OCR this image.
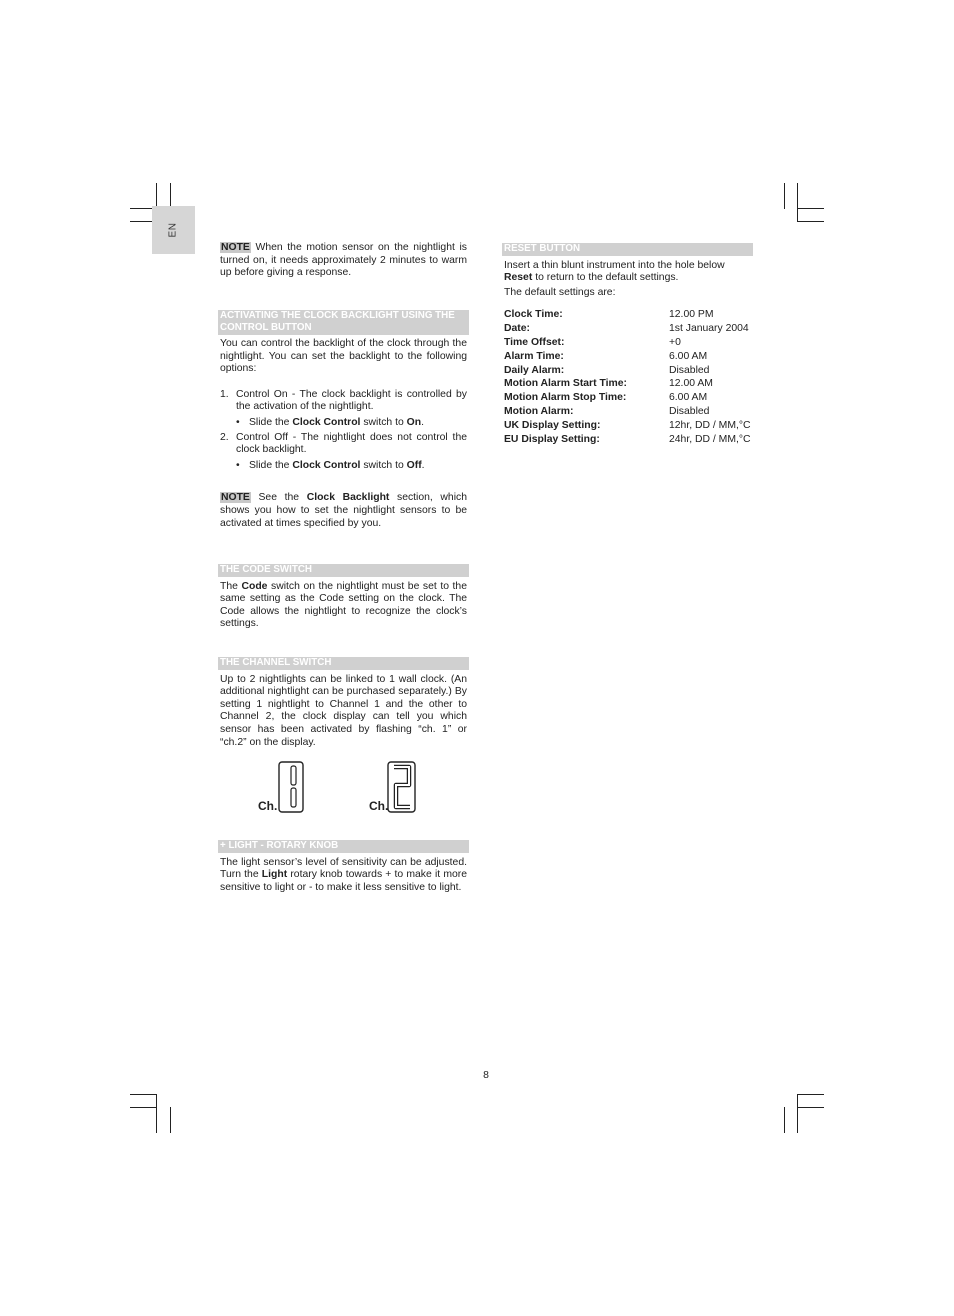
EN

NOTE When the motion sensor on the nightlight is turned on, it needs approximately 2 minutes to warm up before giving a response.

ACTIVATING THE CLOCK BACKLIGHT USING THE CONTROL BUTTON

You can control the backlight of the clock through the nightlight. You can set the backlight to the following options:

1. Control On - The clock backlight is controlled by the activation of the nightlight.
• Slide the Clock Control switch to On.
2. Control Off - The nightlight does not control the clock backlight.
• Slide the Clock Control switch to Off.

NOTE See the Clock Backlight section, which shows you how to set the nightlight sensors to be activated at times specified by you.

THE CODE SWITCH

The Code switch on the nightlight must be set to the same setting as the Code setting on the clock. The Code allows the nightlight to recognize the clock’s settings.

THE CHANNEL SWITCH

Up to 2 nightlights can be linked to 1 wall clock. (An additional nightlight can be purchased separately.) By setting 1 nightlight to Channel 1 and the other to Channel 2, the clock display can tell you which sensor has been activated by flashing “ch. 1” or “ch.2” on the display.

Ch.	Ch.
+ LIGHT - ROTARY KNOB

The light sensor’s level of sensitivity can be adjusted. Turn the Light rotary knob towards + to make it more sensitive to light or - to make it less sensitive to light.

RESET BUTTON

Insert a thin blunt instrument into the hole below Reset to return to the default settings.

The default settings are:

Clock Time:	12.00 PM
Date:	1st January 2004
Time Offset:	+0
Alarm Time:	6.00 AM
Daily Alarm:	Disabled
Motion Alarm Start Time:	12.00 AM
Motion Alarm Stop Time:	6.00 AM
Motion Alarm:	Disabled
UK Display Setting:	12hr, DD / MM,°C
EU Display Setting:	24hr, DD / MM,°C
8
